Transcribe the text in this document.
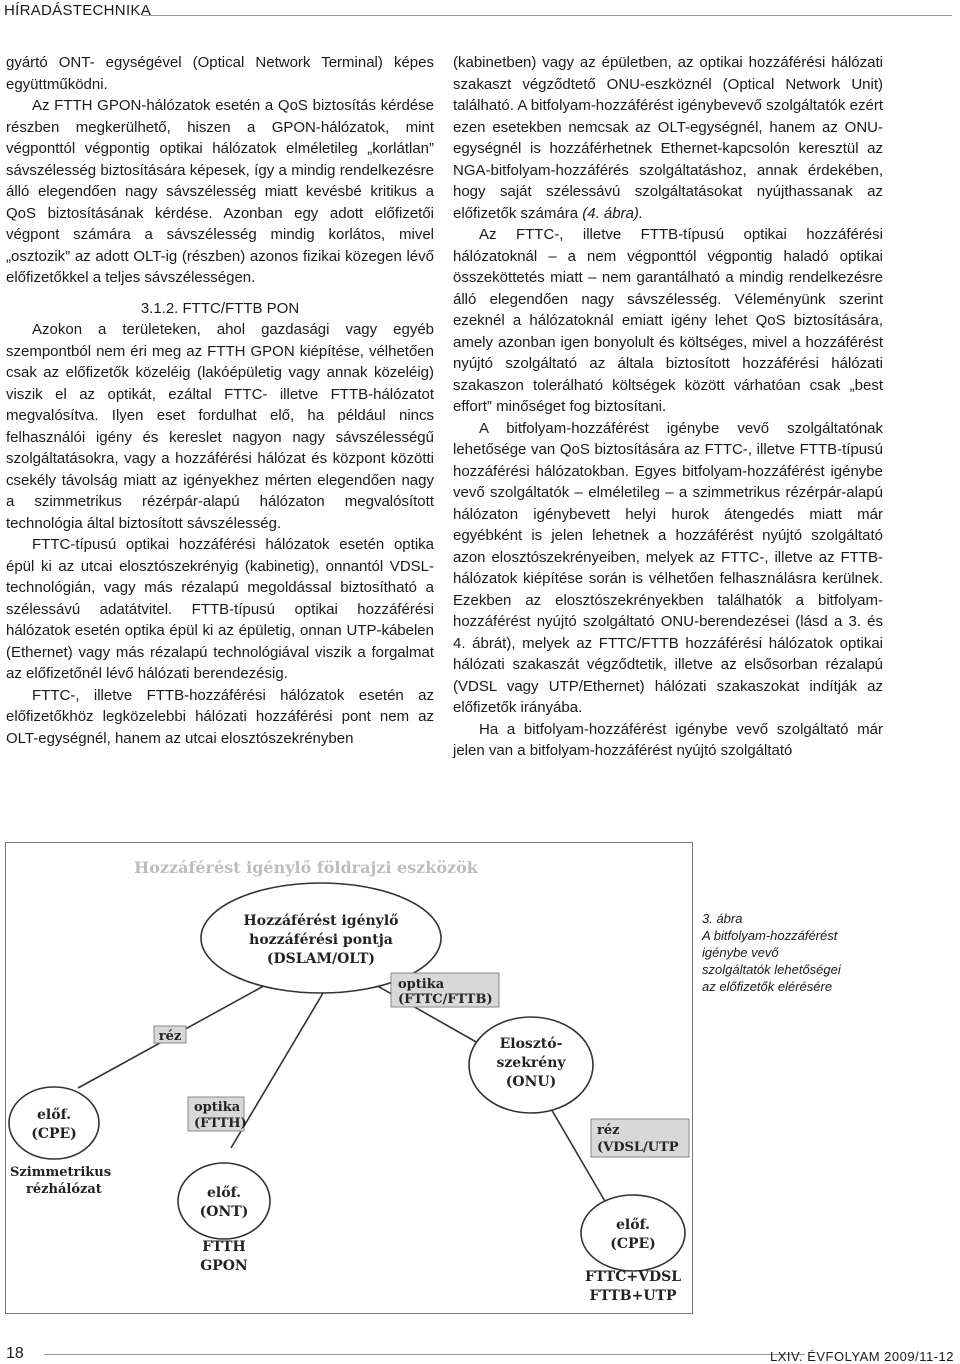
HÍRADÁSTECHNIKA

gyártó ONT- egységével (Optical Network Terminal) képes együttműködni.

Az FTTH GPON-hálózatok esetén a QoS biztosítás kérdése részben megkerülhető, hiszen a GPON-hálózatok, mint végponttól végpontig optikai hálózatok elméletileg „korlátlan” sávszélesség biztosítására képesek, így a mindig rendelkezésre álló elegendően nagy sávszélesség miatt kevésbé kritikus a QoS biztosításának kérdése. Azonban egy adott előfizetői végpont számára a sávszélesség mindig korlátos, mivel „osztozik” az adott OLT-ig (részben) azonos fizikai közegen lévő előfizetőkkel a teljes sávszélességen.

3.1.2. FTTC/FTTB PON

Azokon a területeken, ahol gazdasági vagy egyéb szempontból nem éri meg az FTTH GPON kiépítése, vélhetően csak az előfizetők közeléig (lakóépületig vagy annak közeléig) viszik el az optikát, ezáltal FTTC- illetve FTTB-hálózatot megvalósítva. Ilyen eset fordulhat elő, ha például nincs felhasználói igény és kereslet nagyon nagy sávszélességű szolgáltatásokra, vagy a hozzáférési hálózat és központ közötti csekély távolság miatt az igényekhez mérten elegendően nagy a szimmetrikus rézérpár-alapú hálózaton megvalósított technológia által biztosított sávszélesség.

FTTC-típusú optikai hozzáférési hálózatok esetén optika épül ki az utcai elosztószekrényig (kabinetig), onnantól VDSL-technológián, vagy más rézalapú megoldással biztosítható a szélessávú adatátvitel. FTTB-típusú optikai hozzáférési hálózatok esetén optika épül ki az épületig, onnan UTP-kábelen (Ethernet) vagy más rézalapú technológiával viszik a forgalmat az előfizetőnél lévő hálózati berendezésig.

FTTC-, illetve FTTB-hozzáférési hálózatok esetén az előfizetőkhöz legközelebbi hálózati hozzáférési pont nem az OLT-egységnél, hanem az utcai elosztószekrényben

(kabinetben) vagy az épületben, az optikai hozzáférési hálózati szakaszt végződtető ONU-eszköznél (Optical Network Unit) található. A bitfolyam-hozzáférést igénybevevő szolgáltatók ezért ezen esetekben nemcsak az OLT-egységnél, hanem az ONU-egységnél is hozzáférhetnek Ethernet-kapcsolón keresztül az NGA-bitfolyam-hozzáférés szolgáltatáshoz, annak érdekében, hogy saját szélessávú szolgáltatásokat nyújthassanak az előfizetők számára (4. ábra).

Az FTTC-, illetve FTTB-típusú optikai hozzáférési hálózatoknál – a nem végponttól végpontig haladó optikai összeköttetés miatt – nem garantálható a mindig rendelkezésre álló elegendően nagy sávszélesség. Véleményünk szerint ezeknél a hálózatoknál emiatt igény lehet QoS biztosítására, amely azonban igen bonyolult és költséges, mivel a hozzáférést nyújtó szolgáltató az általa biztosított hozzáférési hálózati szakaszon tolerálható költségek között várhatóan csak „best effort” minőséget fog biztosítani.

A bitfolyam-hozzáférést igénybe vevő szolgáltatónak lehetősége van QoS biztosítására az FTTC-, illetve FTTB-típusú hozzáférési hálózatokban. Egyes bitfolyam-hozzáférést igénybe vevő szolgáltatók – elméletileg – a szimmetrikus rézérpár-alapú hálózaton igénybevett helyi hurok átengedés miatt már egyébként is jelen lehetnek a hozzáférést nyújtó szolgáltató azon elosztószekrényeiben, melyek az FTTC-, illetve az FTTB-hálózatok kiépítése során is vélhetően felhasználásra kerülnek. Ezekben az elosztószekrényekben találhatók a bitfolyam-hozzáférést nyújtó szolgáltató ONU-berendezései (lásd a 3. és 4. ábrát), melyek az FTTC/FTTB hozzáférési hálózatok optikai hálózati szakaszát végződtetik, illetve az elsősorban rézalapú (VDSL vagy UTP/Ethernet) hálózati szakaszokat indítják az előfizetők irányába.

Ha a bitfolyam-hozzáférést igénybe vevő szolgáltató már jelen van a bitfolyam-hozzáférést nyújtó szolgáltató

Hozzáférést igénylő földrajzi eszközök
Hozzáférést igénylő
hozzáférési pontja
(DSLAM/OLT)
optika
(FTTC/FTTB)
Elosztó-
szekrény
(ONU)
réz
előf.
(CPE)
Szimmetrikus
rézhálózat
optika
(FTTH)
előf.
(ONT)
FTTH
GPON
réz
(VDSL/UTP
előf.
(CPE)
FTTC+VDSL
FTTB+UTP
3. ábra
A bitfolyam-hozzáférést
igénybe vevő
szolgáltatók lehetőségei
az előfizetők elérésére
18	LXIV. ÉVFOLYAM 2009/11-12
